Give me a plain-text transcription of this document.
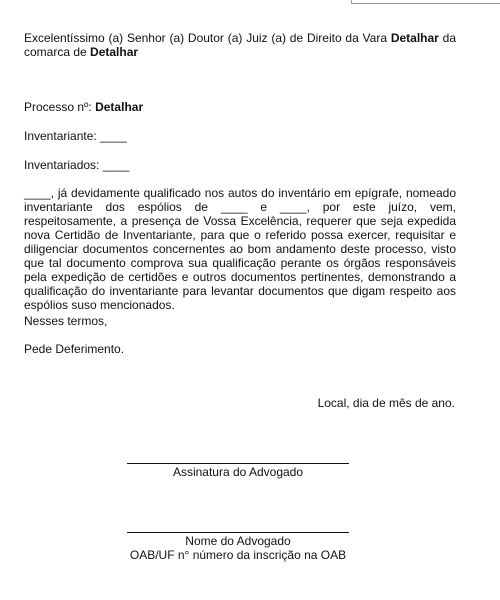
Excelentíssimo (a) Senhor (a) Doutor (a) Juiz (a) de Direito da Vara Detalhar da
comarca de Detalhar
Processo nº: Detalhar
Inventariante: ____
Inventariados: ____
____, já devidamente qualificado nos autos do inventário em epígrafe, nomeado inventariante dos espólios de ____ e ____, por este juízo, vem, respeitosamente, a presença de Vossa Excelência, requerer que seja expedida nova Certidão de Inventariante, para que o referido possa exercer, requisitar e diligenciar documentos concernentes ao bom andamento deste processo, visto que tal documento comprova sua qualificação perante os órgãos responsáveis pela expedição de certidões e outros documentos pertinentes, demonstrando a qualificação do inventariante para levantar documentos que digam respeito aos espólios suso mencionados.
Nesses termos,
Pede Deferimento.
Local, dia de mês de ano.
Assinatura do Advogado
Nome do Advogado
OAB/UF n° número da inscrição na OAB
